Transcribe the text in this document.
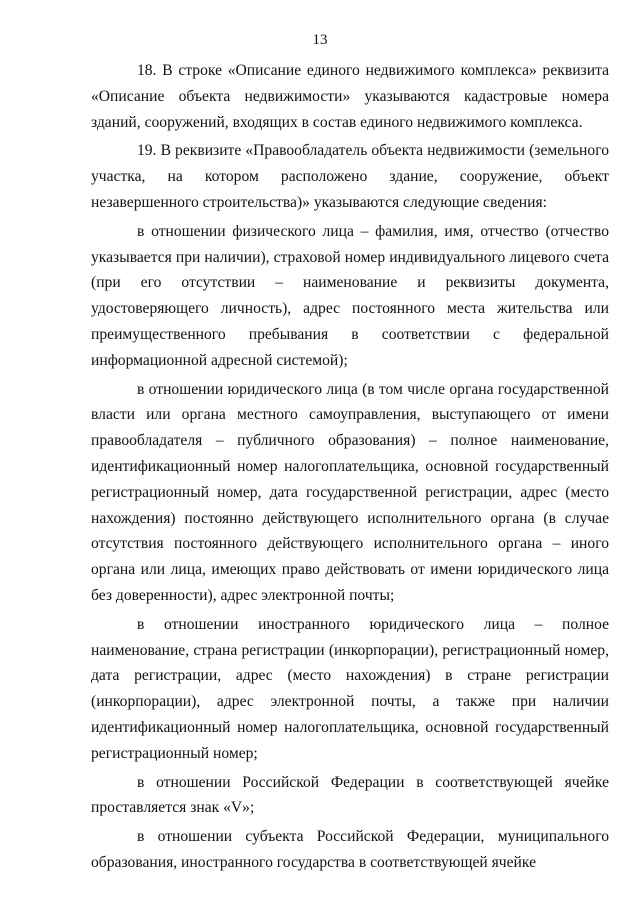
13

18. В строке «Описание единого недвижимого комплекса» реквизита «Описание объекта недвижимости» указываются кадастровые номера зданий, сооружений, входящих в состав единого недвижимого комплекса.

19. В реквизите «Правообладатель объекта недвижимости (земельного участка, на котором расположено здание, сооружение, объект незавершенного строительства)» указываются следующие сведения:

в отношении физического лица – фамилия, имя, отчество (отчество указывается при наличии), страховой номер индивидуального лицевого счета (при его отсутствии – наименование и реквизиты документа, удостоверяющего личность), адрес постоянного места жительства или преимущественного пребывания в соответствии с федеральной информационной адресной системой);

в отношении юридического лица (в том числе органа государственной власти или органа местного самоуправления, выступающего от имени правообладателя – публичного образования) – полное наименование, идентификационный номер налогоплательщика, основной государственный регистрационный номер, дата государственной регистрации, адрес (место нахождения) постоянно действующего исполнительного органа (в случае отсутствия постоянного действующего исполнительного органа – иного органа или лица, имеющих право действовать от имени юридического лица без доверенности), адрес электронной почты;

в отношении иностранного юридического лица – полное наименование, страна регистрации (инкорпорации), регистрационный номер, дата регистрации, адрес (место нахождения) в стране регистрации (инкорпорации), адрес электронной почты, а также при наличии идентификационный номер налогоплательщика, основной государственный регистрационный номер;

в отношении Российской Федерации в соответствующей ячейке проставляется знак «V»;

в отношении субъекта Российской Федерации, муниципального образования, иностранного государства в соответствующей ячейке
